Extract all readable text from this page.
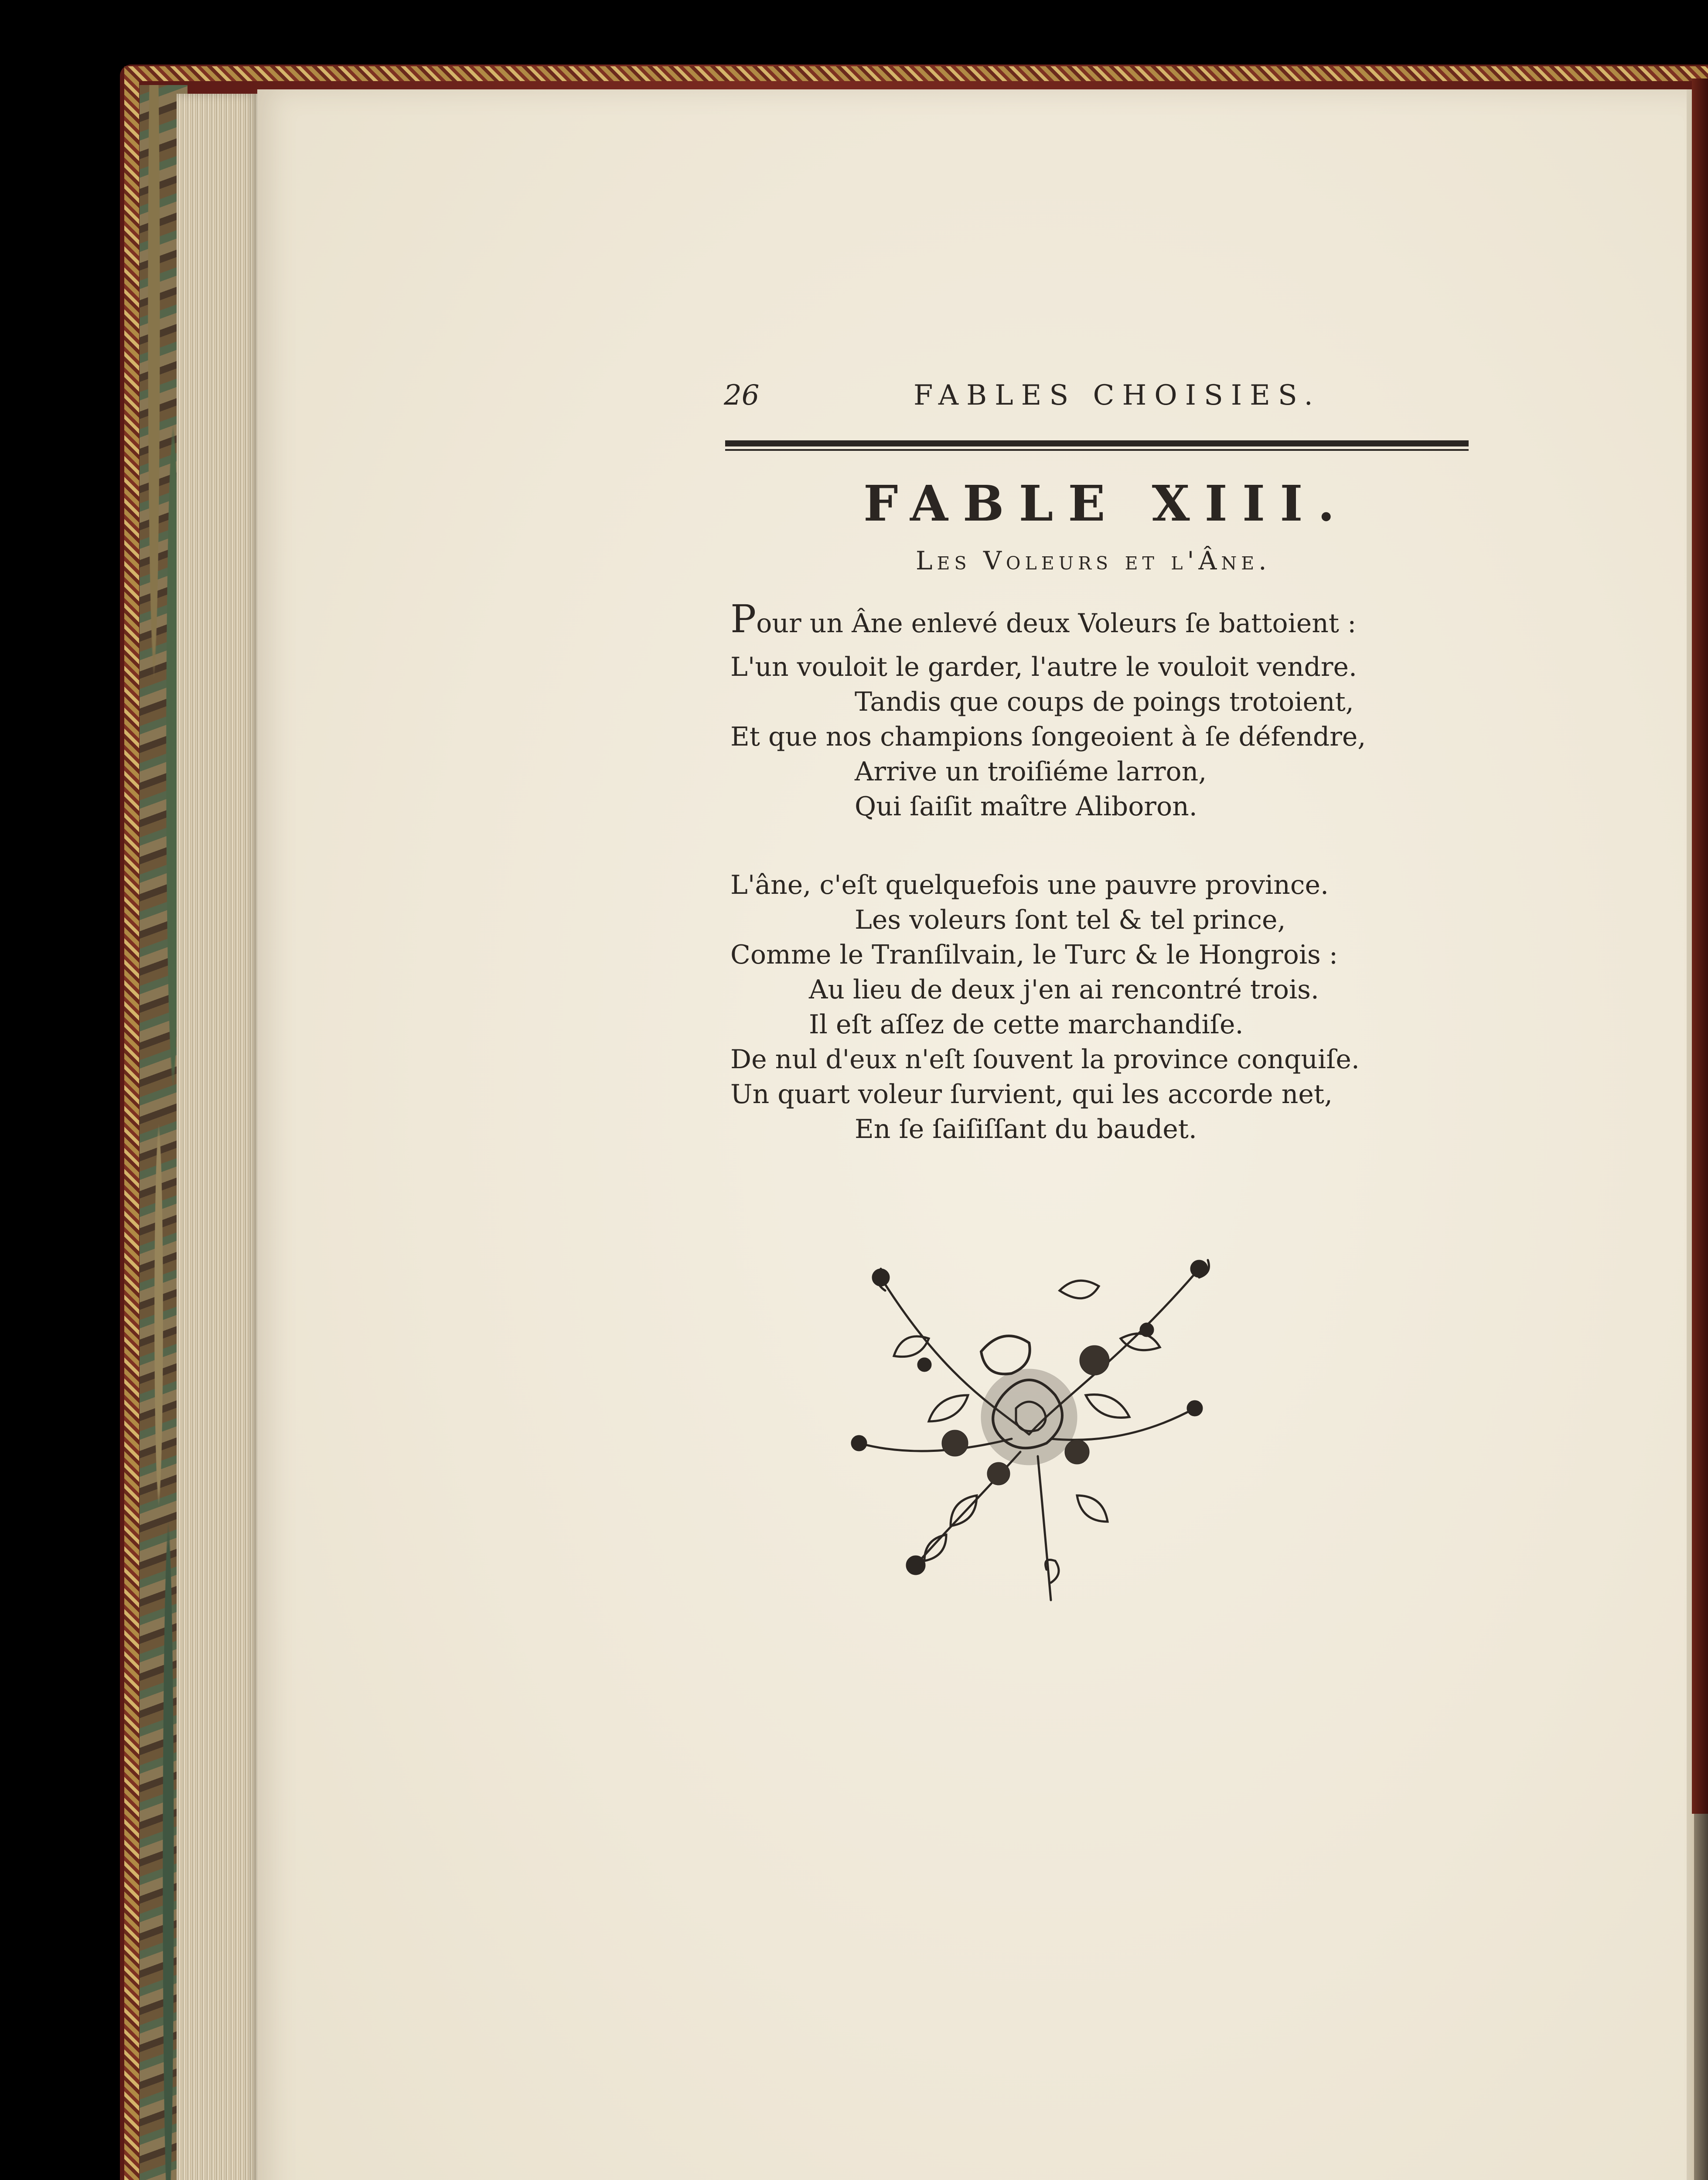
26	FABLES CHOISIES.
FABLE XIII.
Les Voleurs et l'Âne.
Pour un Âne enlevé deux Voleurs ſe battoient :
L'un vouloit le garder, l'autre le vouloit vendre.
Tandis que coups de poings trotoient,
Et que nos champions ſongeoient à ſe défendre,
Arrive un troiſiéme larron,
Qui ſaiſit maître Aliboron.
L'âne, c'eſt quelquefois une pauvre province.
Les voleurs ſont tel & tel prince,
Comme le Tranſilvain, le Turc & le Hongrois :
Au lieu de deux j'en ai rencontré trois.
Il eſt aſſez de cette marchandiſe.
De nul d'eux n'eſt ſouvent la province conquiſe.
Un quart voleur ſurvient, qui les accorde net,
En ſe ſaiſiſſant du baudet.
